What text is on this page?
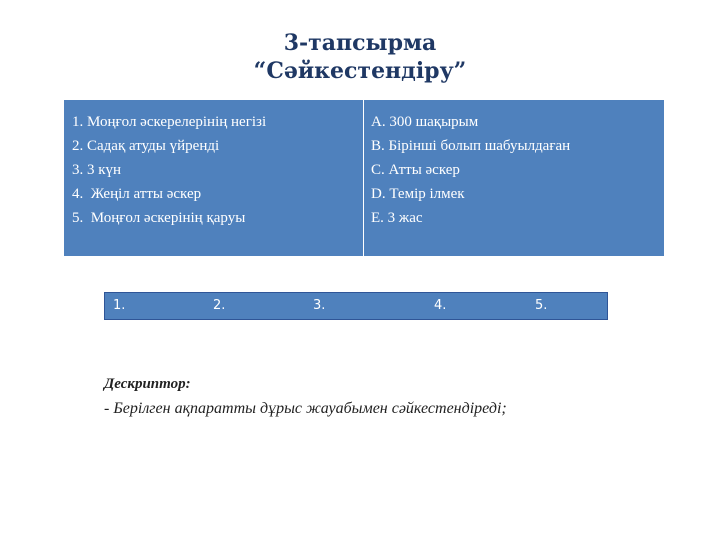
3-тапсырма
“Сәйкестендіру”
1. Моңғол әскерелерінің негізі
2. Садақ атуды үйренді
3. 3 күн
4.  Жеңіл атты әскер
5.  Моңғол әскерінің қаруы
A. 300 шақырым
B. Бірінші болып шабуылдаған
C. Атты әскер
D. Темір ілмек
E. 3 жас
1.	2.	3.	4.	5.
Дескриптор:
- Берілген ақпаратты дұрыс жауабымен сәйкестендіреді;
